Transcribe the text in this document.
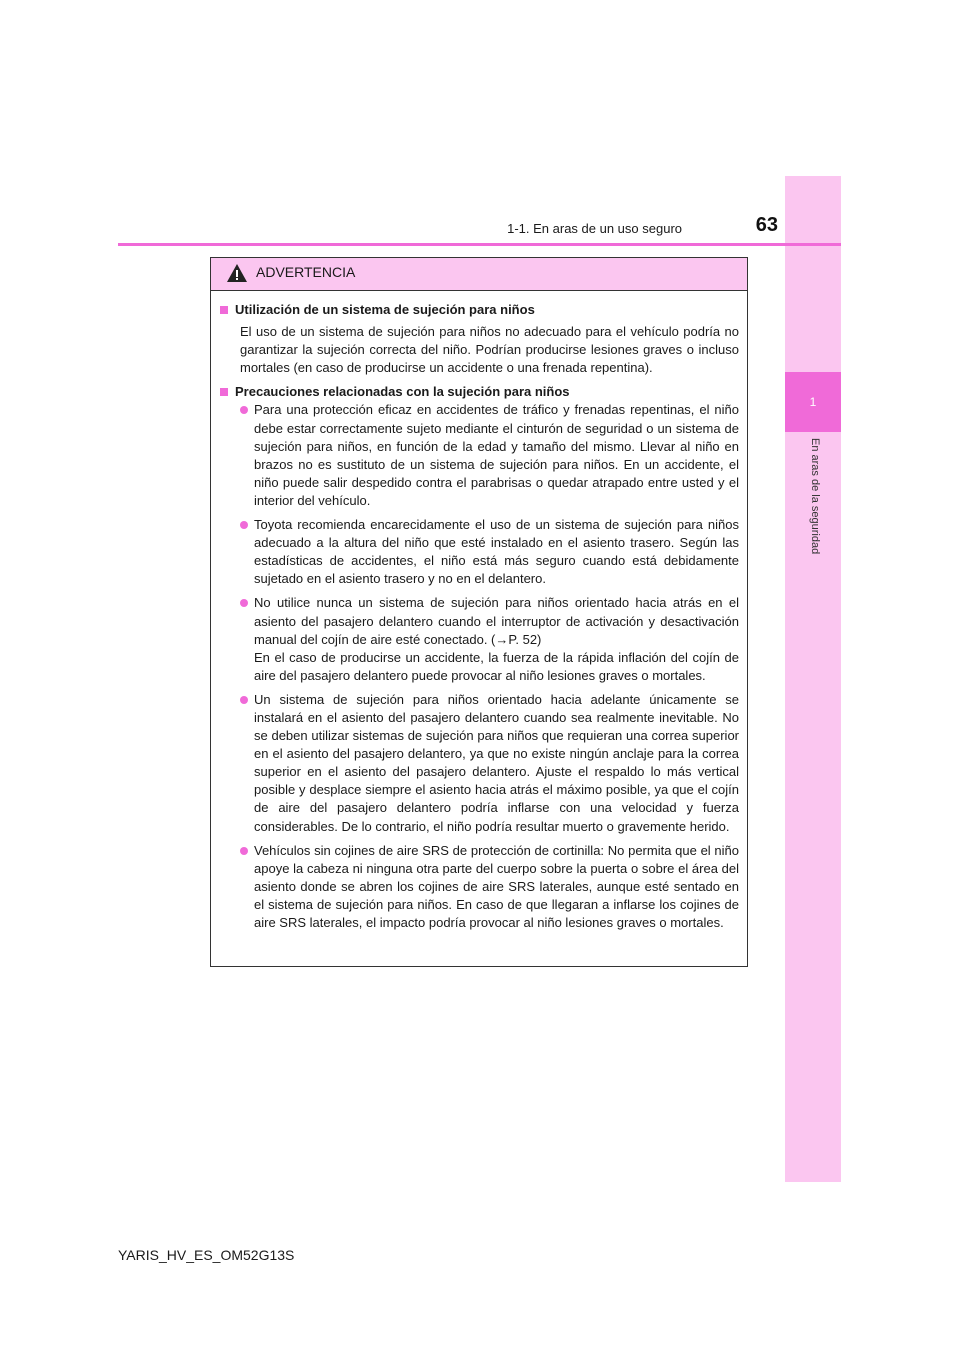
1
En aras de la seguridad
1-1. En aras de un uso seguro	63
ADVERTENCIA
Utilización de un sistema de sujeción para niños
El uso de un sistema de sujeción para niños no adecuado para el vehículo podría no garantizar la sujeción correcta del niño. Podrían producirse lesiones graves o incluso mortales (en caso de producirse un accidente o una frenada repentina).
Precauciones relacionadas con la sujeción para niños
Para una protección eficaz en accidentes de tráfico y frenadas repentinas, el niño debe estar correctamente sujeto mediante el cinturón de seguridad o un sistema de sujeción para niños, en función de la edad y tamaño del mismo. Llevar al niño en brazos no es sustituto de un sistema de sujeción para niños. En un accidente, el niño puede salir despedido contra el parabrisas o quedar atrapado entre usted y el interior del vehículo.
Toyota recomienda encarecidamente el uso de un sistema de sujeción para niños adecuado a la altura del niño que esté instalado en el asiento trasero. Según las estadísticas de accidentes, el niño está más seguro cuando está debidamente sujetado en el asiento trasero y no en el delantero.
No utilice nunca un sistema de sujeción para niños orientado hacia atrás en el asiento del pasajero delantero cuando el interruptor de activación y desactivación manual del cojín de aire esté conectado. (→P. 52)
En el caso de producirse un accidente, la fuerza de la rápida inflación del cojín de aire del pasajero delantero puede provocar al niño lesiones graves o mortales.
Un sistema de sujeción para niños orientado hacia adelante únicamente se instalará en el asiento del pasajero delantero cuando sea realmente inevitable. No se deben utilizar sistemas de sujeción para niños que requieran una correa superior en el asiento del pasajero delantero, ya que no existe ningún anclaje para la correa superior en el asiento del pasajero delantero. Ajuste el respaldo lo más vertical posible y desplace siempre el asiento hacia atrás el máximo posible, ya que el cojín de aire del pasajero delantero podría inflarse con una velocidad y fuerza considerables. De lo contrario, el niño podría resultar muerto o gravemente herido.
Vehículos sin cojines de aire SRS de protección de cortinilla: No permita que el niño apoye la cabeza ni ninguna otra parte del cuerpo sobre la puerta o sobre el área del asiento donde se abren los cojines de aire SRS laterales, aunque esté sentado en el sistema de sujeción para niños. En caso de que llegaran a inflarse los cojines de aire SRS laterales, el impacto podría provocar al niño lesiones graves o mortales.
YARIS_HV_ES_OM52G13S
